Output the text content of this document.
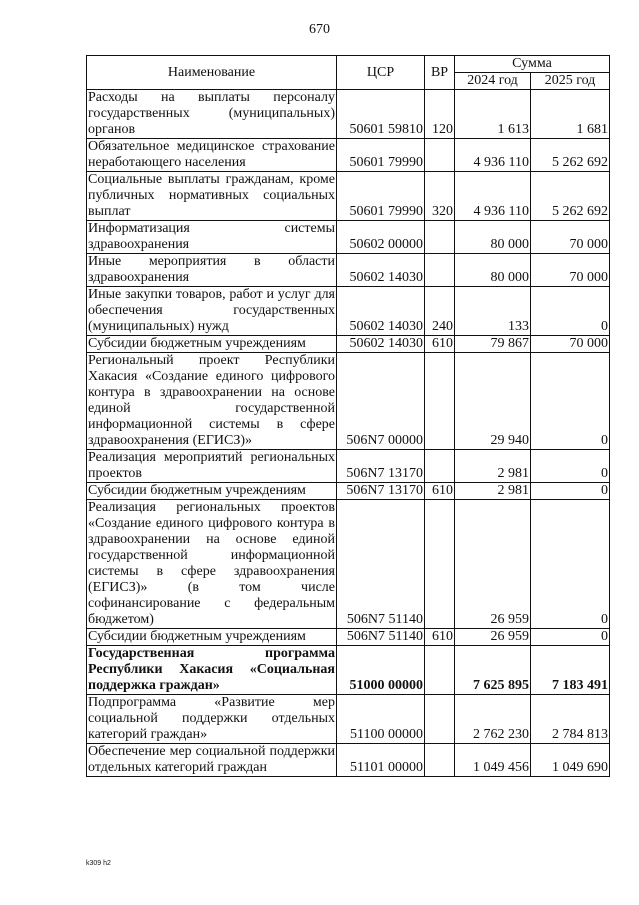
670
Наименование	ЦСР	ВР	Сумма	
			2024 год	2025 год
Расходы на выплаты персоналу государственных (муниципальных) органов	50601 59810	120	1 613	1 681
Обязательное медицинское страхование неработающего населения	50601 79990		4 936 110	5 262 692
Социальные выплаты гражданам, кроме публичных нормативных социальных выплат	50601 79990	320	4 936 110	5 262 692
Информатизация системы здравоохранения	50602 00000		80 000	70 000
Иные мероприятия в области здравоохранения	50602 14030		80 000	70 000
Иные закупки товаров, работ и услуг для обеспечения государственных (муниципальных) нужд	50602 14030	240	133	0
Субсидии бюджетным учреждениям	50602 14030	610	79 867	70 000
Региональный проект Республики Хакасия «Создание единого цифрового контура в здравоохранении на основе единой государственной информационной системы в сфере здравоохранения (ЕГИСЗ)»	506N7 00000		29 940	0
Реализация мероприятий региональных проектов	506N7 13170		2 981	0
Субсидии бюджетным учреждениям	506N7 13170	610	2 981	0
Реализация региональных проектов «Создание единого цифрового контура в здравоохранении на основе единой государственной информационной системы в сфере здравоохранения (ЕГИСЗ)» (в том числе софинансирование с федеральным бюджетом)	506N7 51140		26 959	0
Субсидии бюджетным учреждениям	506N7 51140	610	26 959	0
Государственная программа Республики Хакасия «Социальная поддержка граждан»	51000 00000		7 625 895	7 183 491
Подпрограмма «Развитие мер социальной поддержки отдельных категорий граждан»	51100 00000		2 762 230	2 784 813
Обеспечение мер социальной поддержки отдельных категорий граждан	51101 00000		1 049 456	1 049 690
k309 h2
